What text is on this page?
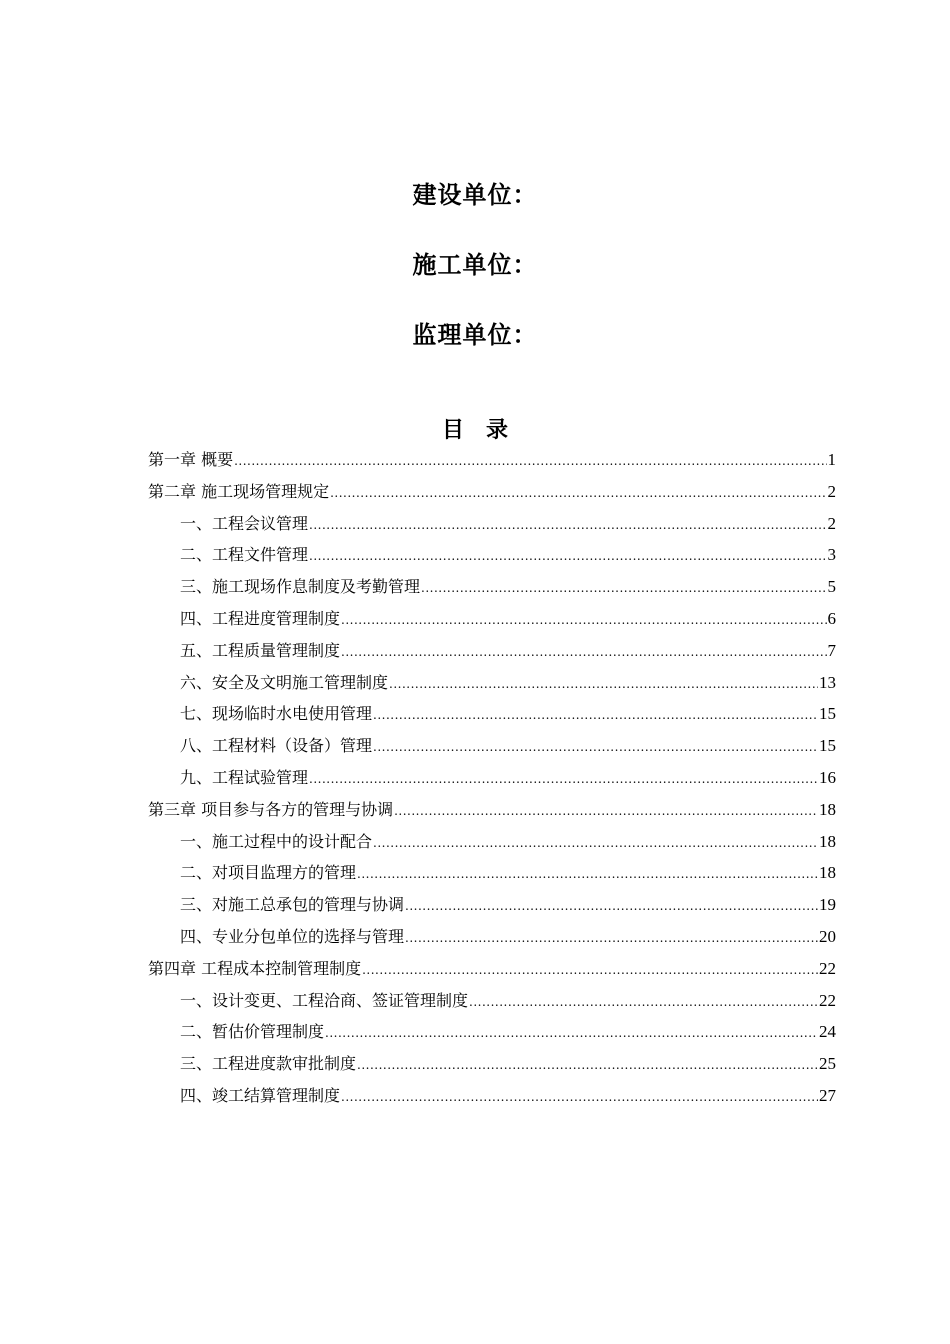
建设单位：
施工单位：
监理单位：
目 录
第一章 概要 .....	1
第二章 施工现场管理规定 .....	2
一、工程会议管理 .....	2
二、工程文件管理 .....	3
三、施工现场作息制度及考勤管理 .....	5
四、工程进度管理制度 .....	6
五、工程质量管理制度 .....	7
六、安全及文明施工管理制度 .....	13
七、现场临时水电使用管理 .....	15
八、工程材料（设备）管理 .....	15
九、工程试验管理 .....	16
第三章 项目参与各方的管理与协调 .....	18
一、施工过程中的设计配合 .....	18
二、对项目监理方的管理 .....	18
三、对施工总承包的管理与协调 .....	19
四、专业分包单位的选择与管理 .....	20
第四章 工程成本控制管理制度 .....	22
一、设计变更、工程洽商、签证管理制度 .....	22
二、暂估价管理制度 .....	24
三、工程进度款审批制度 .....	25
四、竣工结算管理制度 .....	27
